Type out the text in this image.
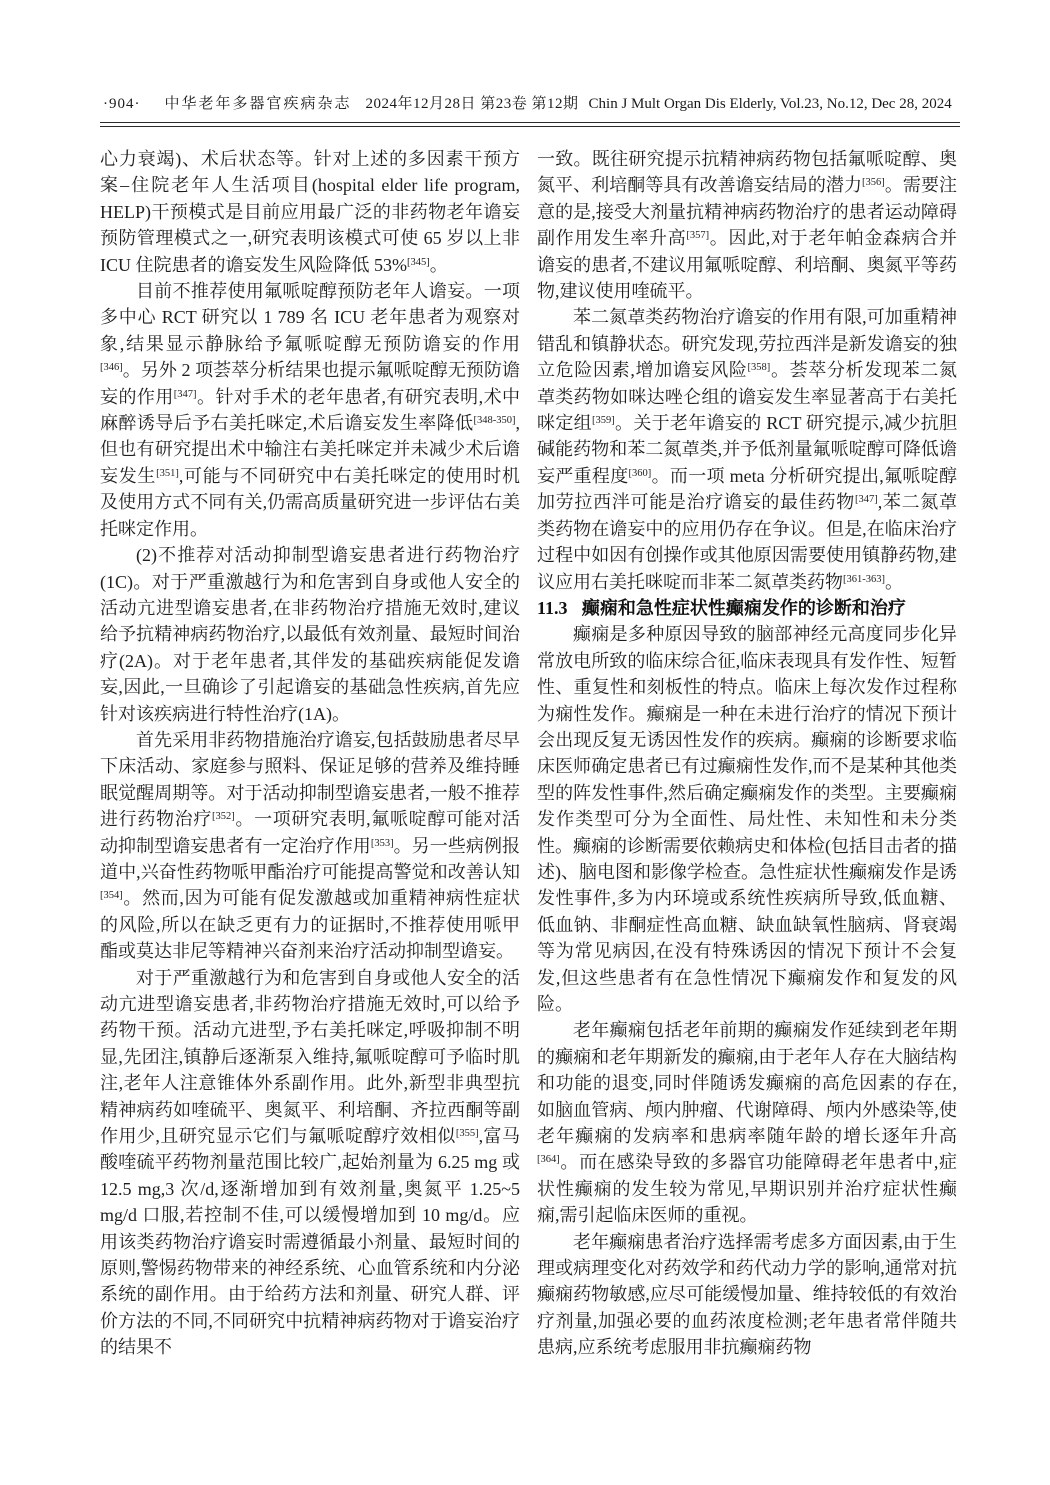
·904· 中华老年多器官疾病杂志 2024年12月28日 第23卷 第12期 Chin J Mult Organ Dis Elderly, Vol.23, No.12, Dec 28, 2024

心力衰竭)、术后状态等。针对上述的多因素干预方案–住院老年人生活项目(hospital elder life program, HELP)干预模式是目前应用最广泛的非药物老年谵妄预防管理模式之一,研究表明该模式可使 65 岁以上非 ICU 住院患者的谵妄发生风险降低 53%[345]。

目前不推荐使用氟哌啶醇预防老年人谵妄。一项多中心 RCT 研究以 1 789 名 ICU 老年患者为观察对象,结果显示静脉给予氟哌啶醇无预防谵妄的作用[346]。另外 2 项荟萃分析结果也提示氟哌啶醇无预防谵妄的作用[347]。针对手术的老年患者,有研究表明,术中麻醉诱导后予右美托咪定,术后谵妄发生率降低[348-350],但也有研究提出术中输注右美托咪定并未减少术后谵妄发生[351],可能与不同研究中右美托咪定的使用时机及使用方式不同有关,仍需高质量研究进一步评估右美托咪定作用。

(2)不推荐对活动抑制型谵妄患者进行药物治疗(1C)。对于严重激越行为和危害到自身或他人安全的活动亢进型谵妄患者,在非药物治疗措施无效时,建议给予抗精神病药物治疗,以最低有效剂量、最短时间治疗(2A)。对于老年患者,其伴发的基础疾病能促发谵妄,因此,一旦确诊了引起谵妄的基础急性疾病,首先应针对该疾病进行特性治疗(1A)。

首先采用非药物措施治疗谵妄,包括鼓励患者尽早下床活动、家庭参与照料、保证足够的营养及维持睡眠觉醒周期等。对于活动抑制型谵妄患者,一般不推荐进行药物治疗[352]。一项研究表明,氟哌啶醇可能对活动抑制型谵妄患者有一定治疗作用[353]。另一些病例报道中,兴奋性药物哌甲酯治疗可能提高警觉和改善认知[354]。然而,因为可能有促发激越或加重精神病性症状的风险,所以在缺乏更有力的证据时,不推荐使用哌甲酯或莫达非尼等精神兴奋剂来治疗活动抑制型谵妄。

对于严重激越行为和危害到自身或他人安全的活动亢进型谵妄患者,非药物治疗措施无效时,可以给予药物干预。活动亢进型,予右美托咪定,呼吸抑制不明显,先团注,镇静后逐渐泵入维持,氟哌啶醇可予临时肌注,老年人注意锥体外系副作用。此外,新型非典型抗精神病药如喹硫平、奥氮平、利培酮、齐拉西酮等副作用少,且研究显示它们与氟哌啶醇疗效相似[355],富马酸喹硫平药物剂量范围比较广,起始剂量为 6.25 mg 或 12.5 mg,3 次/d,逐渐增加到有效剂量,奥氮平 1.25~5 mg/d 口服,若控制不佳,可以缓慢增加到 10 mg/d。应用该类药物治疗谵妄时需遵循最小剂量、最短时间的原则,警惕药物带来的神经系统、心血管系统和内分泌系统的副作用。由于给药方法和剂量、研究人群、评价方法的不同,不同研究中抗精神病药物对于谵妄治疗的结果不

一致。既往研究提示抗精神病药物包括氟哌啶醇、奥氮平、利培酮等具有改善谵妄结局的潜力[356]。需要注意的是,接受大剂量抗精神病药物治疗的患者运动障碍副作用发生率升高[357]。因此,对于老年帕金森病合并谵妄的患者,不建议用氟哌啶醇、利培酮、奥氮平等药物,建议使用喹硫平。

苯二氮䓬类药物治疗谵妄的作用有限,可加重精神错乱和镇静状态。研究发现,劳拉西泮是新发谵妄的独立危险因素,增加谵妄风险[358]。荟萃分析发现苯二氮䓬类药物如咪达唑仑组的谵妄发生率显著高于右美托咪定组[359]。关于老年谵妄的 RCT 研究提示,减少抗胆碱能药物和苯二氮䓬类,并予低剂量氟哌啶醇可降低谵妄严重程度[360]。而一项 meta 分析研究提出,氟哌啶醇加劳拉西泮可能是治疗谵妄的最佳药物[347],苯二氮䓬类药物在谵妄中的应用仍存在争议。但是,在临床治疗过程中如因有创操作或其他原因需要使用镇静药物,建议应用右美托咪啶而非苯二氮䓬类药物[361-363]。

11.3 癫痫和急性症状性癫痫发作的诊断和治疗

癫痫是多种原因导致的脑部神经元高度同步化异常放电所致的临床综合征,临床表现具有发作性、短暂性、重复性和刻板性的特点。临床上每次发作过程称为痫性发作。癫痫是一种在未进行治疗的情况下预计会出现反复无诱因性发作的疾病。癫痫的诊断要求临床医师确定患者已有过癫痫性发作,而不是某种其他类型的阵发性事件,然后确定癫痫发作的类型。主要癫痫发作类型可分为全面性、局灶性、未知性和未分类性。癫痫的诊断需要依赖病史和体检(包括目击者的描述)、脑电图和影像学检查。急性症状性癫痫发作是诱发性事件,多为内环境或系统性疾病所导致,低血糖、低血钠、非酮症性高血糖、缺血缺氧性脑病、肾衰竭等为常见病因,在没有特殊诱因的情况下预计不会复发,但这些患者有在急性情况下癫痫发作和复发的风险。

老年癫痫包括老年前期的癫痫发作延续到老年期的癫痫和老年期新发的癫痫,由于老年人存在大脑结构和功能的退变,同时伴随诱发癫痫的高危因素的存在,如脑血管病、颅内肿瘤、代谢障碍、颅内外感染等,使老年癫痫的发病率和患病率随年龄的增长逐年升高[364]。而在感染导致的多器官功能障碍老年患者中,症状性癫痫的发生较为常见,早期识别并治疗症状性癫痫,需引起临床医师的重视。

老年癫痫患者治疗选择需考虑多方面因素,由于生理或病理变化对药效学和药代动力学的影响,通常对抗癫痫药物敏感,应尽可能缓慢加量、维持较低的有效治疗剂量,加强必要的血药浓度检测;老年患者常伴随共患病,应系统考虑服用非抗癫痫药物
